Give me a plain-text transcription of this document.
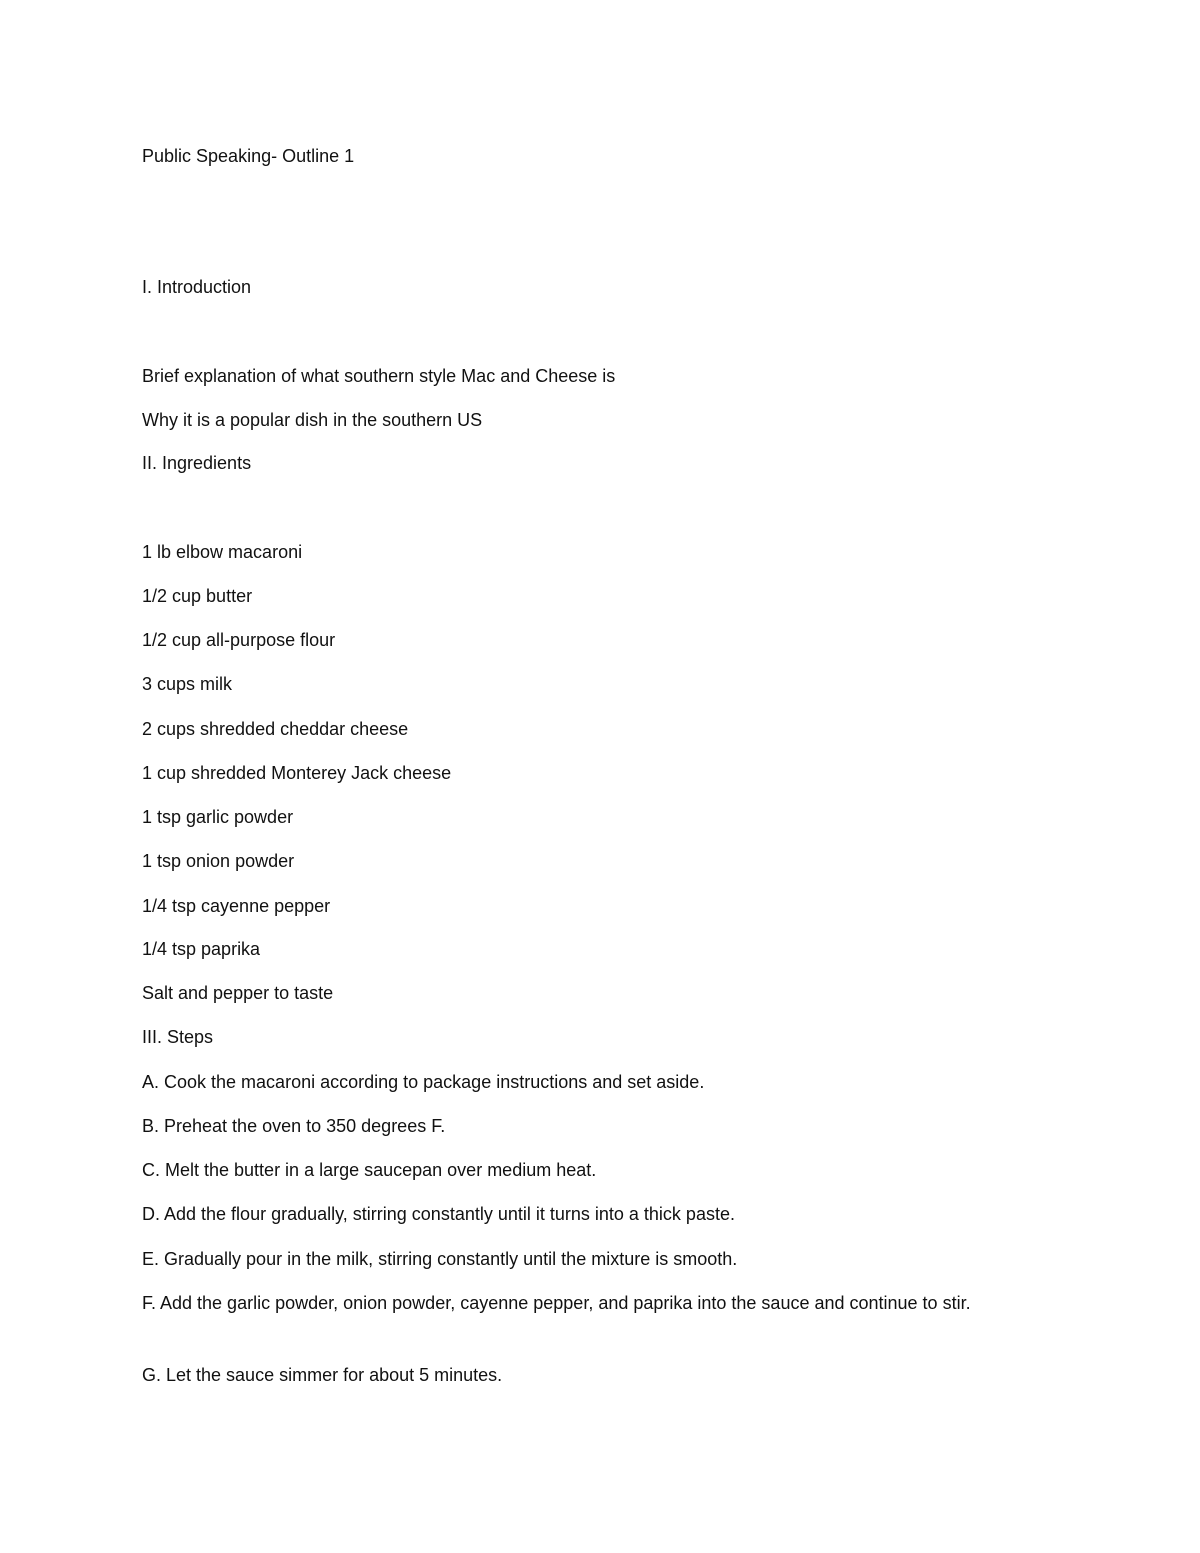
Public Speaking- Outline 1
I. Introduction
Brief explanation of what southern style Mac and Cheese is
Why it is a popular dish in the southern US
II. Ingredients
1 lb elbow macaroni
1/2 cup butter
1/2 cup all-purpose flour
3 cups milk
2 cups shredded cheddar cheese
1 cup shredded Monterey Jack cheese
1 tsp garlic powder
1 tsp onion powder
1/4 tsp cayenne pepper
1/4 tsp paprika
Salt and pepper to taste
III. Steps
A. Cook the macaroni according to package instructions and set aside.
B. Preheat the oven to 350 degrees F.
C. Melt the butter in a large saucepan over medium heat.
D. Add the flour gradually, stirring constantly until it turns into a thick paste.
E. Gradually pour in the milk, stirring constantly until the mixture is smooth.
F. Add the garlic powder, onion powder, cayenne pepper, and paprika into the sauce and continue to stir.
G. Let the sauce simmer for about 5 minutes.
